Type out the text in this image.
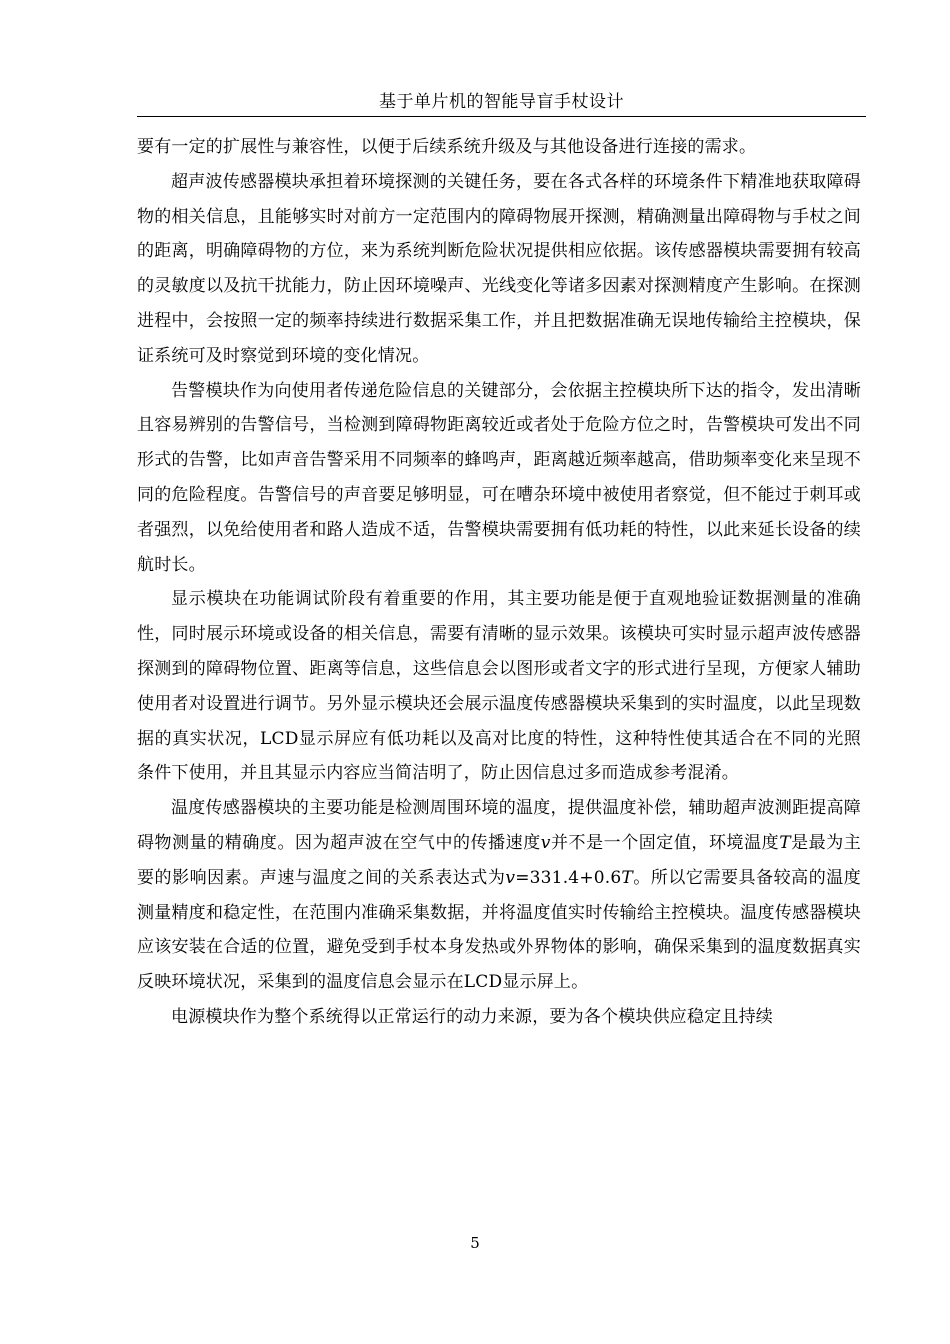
基于单片机的智能导盲手杖设计

要有一定的扩展性与兼容性，以便于后续系统升级及与其他设备进行连接的需求。

超声波传感器模块承担着环境探测的关键任务，要在各式各样的环境条件下精准地获取障碍物的相关信息，且能够实时对前方一定范围内的障碍物展开探测，精确测量出障碍物与手杖之间的距离，明确障碍物的方位，来为系统判断危险状况提供相应依据。该传感器模块需要拥有较高的灵敏度以及抗干扰能力，防止因环境噪声、光线变化等诸多因素对探测精度产生影响。在探测进程中，会按照一定的频率持续进行数据采集工作，并且把数据准确无误地传输给主控模块，保证系统可及时察觉到环境的变化情况。

告警模块作为向使用者传递危险信息的关键部分，会依据主控模块所下达的指令，发出清晰且容易辨别的告警信号，当检测到障碍物距离较近或者处于危险方位之时，告警模块可发出不同形式的告警，比如声音告警采用不同频率的蜂鸣声，距离越近频率越高，借助频率变化来呈现不同的危险程度。告警信号的声音要足够明显，可在嘈杂环境中被使用者察觉，但不能过于刺耳或者强烈，以免给使用者和路人造成不适，告警模块需要拥有低功耗的特性，以此来延长设备的续航时长。

显示模块在功能调试阶段有着重要的作用，其主要功能是便于直观地验证数据测量的准确性，同时展示环境或设备的相关信息，需要有清晰的显示效果。该模块可实时显示超声波传感器探测到的障碍物位置、距离等信息，这些信息会以图形或者文字的形式进行呈现，方便家人辅助使用者对设置进行调节。另外显示模块还会展示温度传感器模块采集到的实时温度，以此呈现数据的真实状况，LCD显示屏应有低功耗以及高对比度的特性，这种特性使其适合在不同的光照条件下使用，并且其显示内容应当简洁明了，防止因信息过多而造成参考混淆。

温度传感器模块的主要功能是检测周围环境的温度，提供温度补偿，辅助超声波测距提高障碍物测量的精确度。因为超声波在空气中的传播速度v并不是一个固定值，环境温度T是最为主要的影响因素。声速与温度之间的关系表达式为v=331.4+0.6T。所以它需要具备较高的温度测量精度和稳定性，在范围内准确采集数据，并将温度值实时传输给主控模块。温度传感器模块应该安装在合适的位置，避免受到手杖本身发热或外界物体的影响，确保采集到的温度数据真实反映环境状况，采集到的温度信息会显示在LCD显示屏上。

电源模块作为整个系统得以正常运行的动力来源，要为各个模块供应稳定且持续

5
